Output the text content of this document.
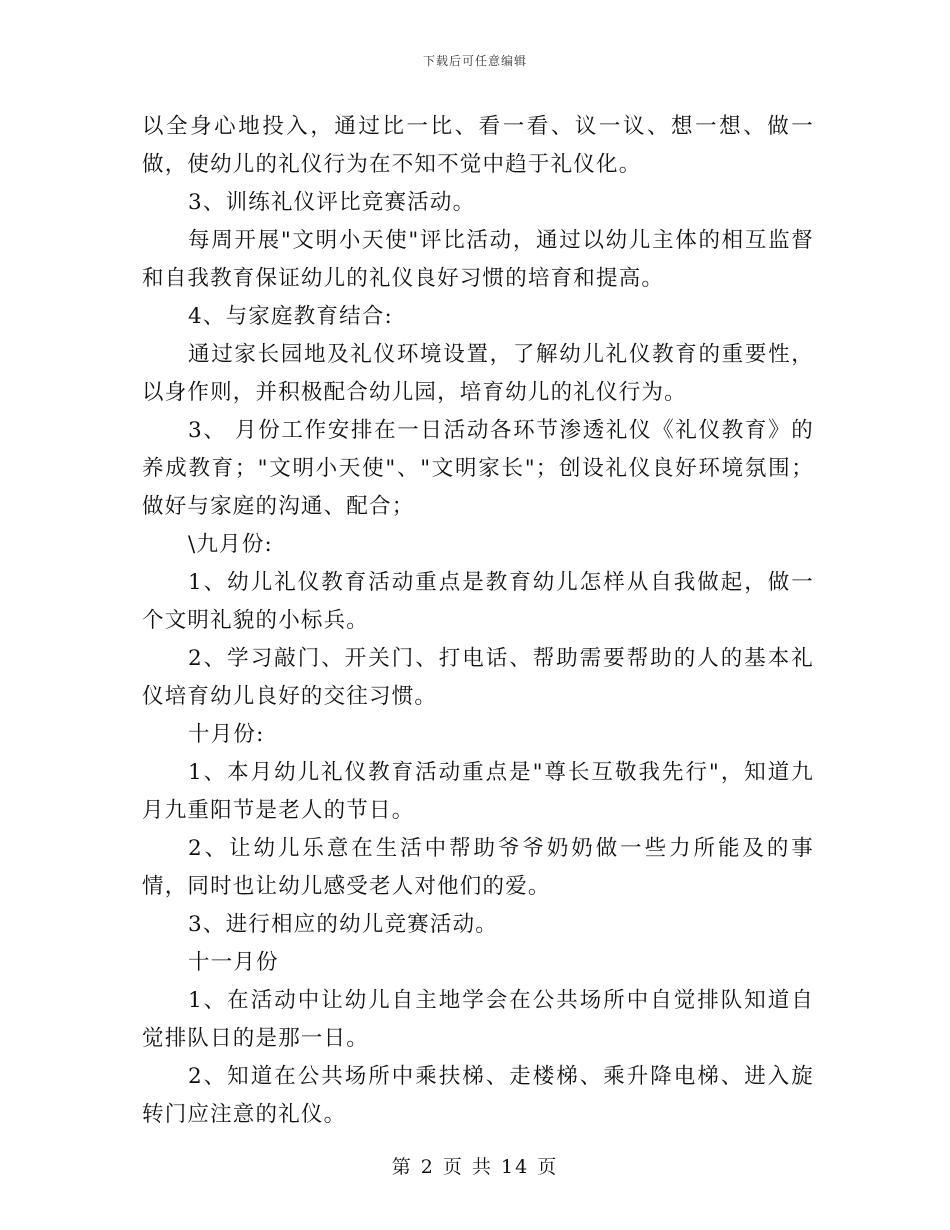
下载后可任意编辑

以全身心地投入，通过比一比、看一看、议一议、想一想、做一做，使幼儿的礼仪行为在不知不觉中趋于礼仪化。

3、训练礼仪评比竞赛活动。

每周开展"文明小天使"评比活动，通过以幼儿主体的相互监督和自我教育保证幼儿的礼仪良好习惯的培育和提高。

4、与家庭教育结合:

通过家长园地及礼仪环境设置，了解幼儿礼仪教育的重要性，以身作则，并积极配合幼儿园，培育幼儿的礼仪行为。

3、 月份工作安排在一日活动各环节渗透礼仪《礼仪教育》的养成教育；"文明小天使"、"文明家长"；创设礼仪良好环境氛围；做好与家庭的沟通、配合；

\九月份:

1、幼儿礼仪教育活动重点是教育幼儿怎样从自我做起，做一个文明礼貌的小标兵。

2、学习敲门、开关门、打电话、帮助需要帮助的人的基本礼仪培育幼儿良好的交往习惯。

十月份:

1、本月幼儿礼仪教育活动重点是"尊长互敬我先行"，知道九月九重阳节是老人的节日。

2、让幼儿乐意在生活中帮助爷爷奶奶做一些力所能及的事情，同时也让幼儿感受老人对他们的爱。

3、进行相应的幼儿竞赛活动。

十一月份

1、在活动中让幼儿自主地学会在公共场所中自觉排队知道自觉排队日的是那一日。

2、知道在公共场所中乘扶梯、走楼梯、乘升降电梯、进入旋转门应注意的礼仪。

第 2 页 共 14 页
